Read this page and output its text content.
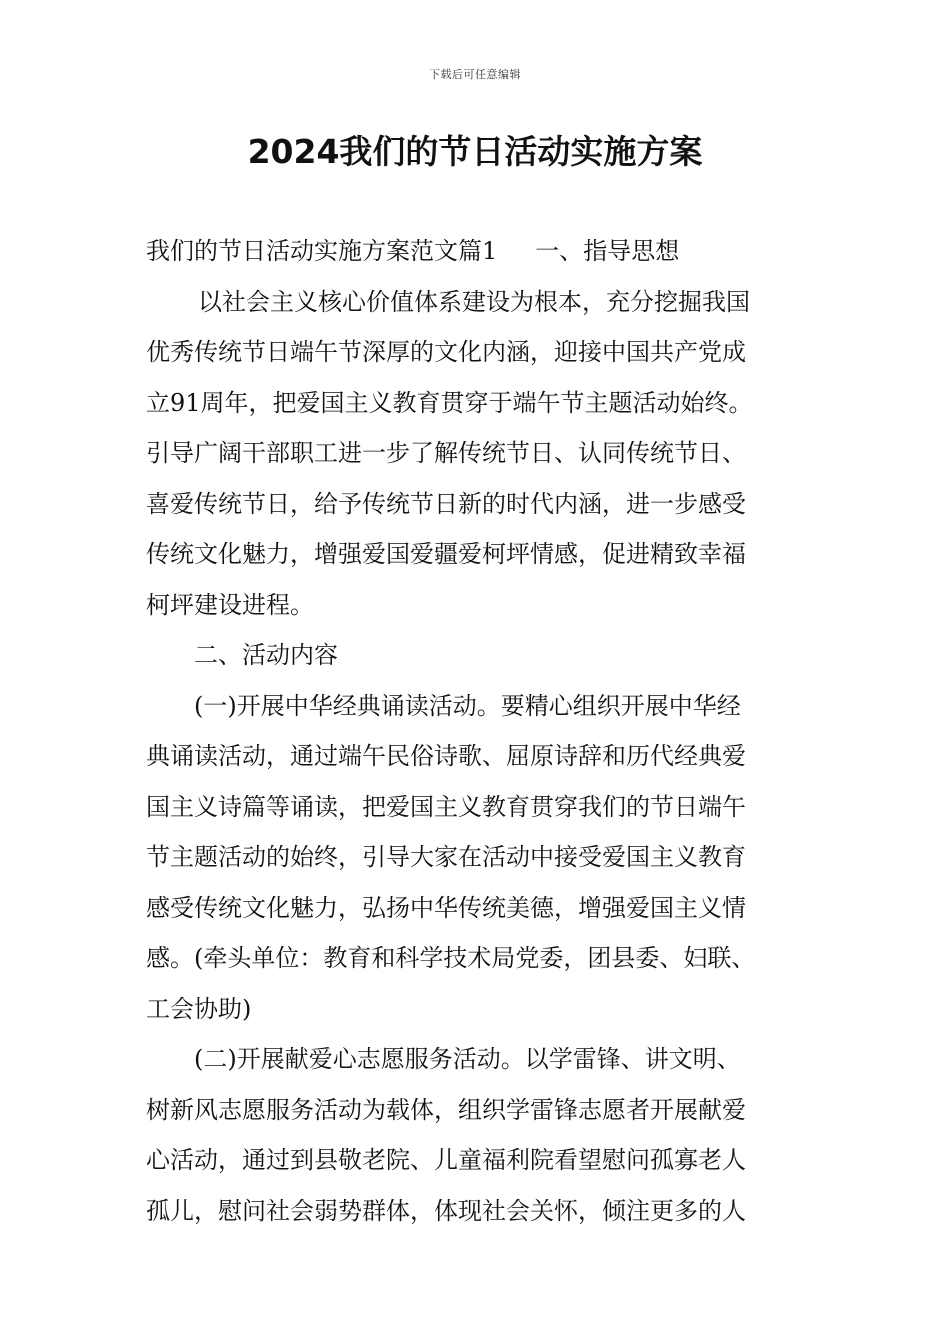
下载后可任意编辑
2024我们的节日活动实施方案
我们的节日活动实施方案范文篇1 一、指导思想
以社会主义核心价值体系建设为根本，充分挖掘我国
优秀传统节日端午节深厚的文化内涵，迎接中国共产党成
立91周年，把爱国主义教育贯穿于端午节主题活动始终。
引导广阔干部职工进一步了解传统节日、认同传统节日、
喜爱传统节日，给予传统节日新的时代内涵，进一步感受
传统文化魅力，增强爱国爱疆爱柯坪情感，促进精致幸福
柯坪建设进程。
二、活动内容
(一)开展中华经典诵读活动。要精心组织开展中华经
典诵读活动，通过端午民俗诗歌、屈原诗辞和历代经典爱
国主义诗篇等诵读，把爱国主义教育贯穿我们的节日端午
节主题活动的始终，引导大家在活动中接受爱国主义教育
感受传统文化魅力，弘扬中华传统美德，增强爱国主义情
感。(牵头单位：教育和科学技术局党委，团县委、妇联、
工会协助)
(二)开展献爱心志愿服务活动。以学雷锋、讲文明、
树新风志愿服务活动为载体，组织学雷锋志愿者开展献爱
心活动，通过到县敬老院、儿童福利院看望慰问孤寡老人
孤儿，慰问社会弱势群体，体现社会关怀，倾注更多的人
